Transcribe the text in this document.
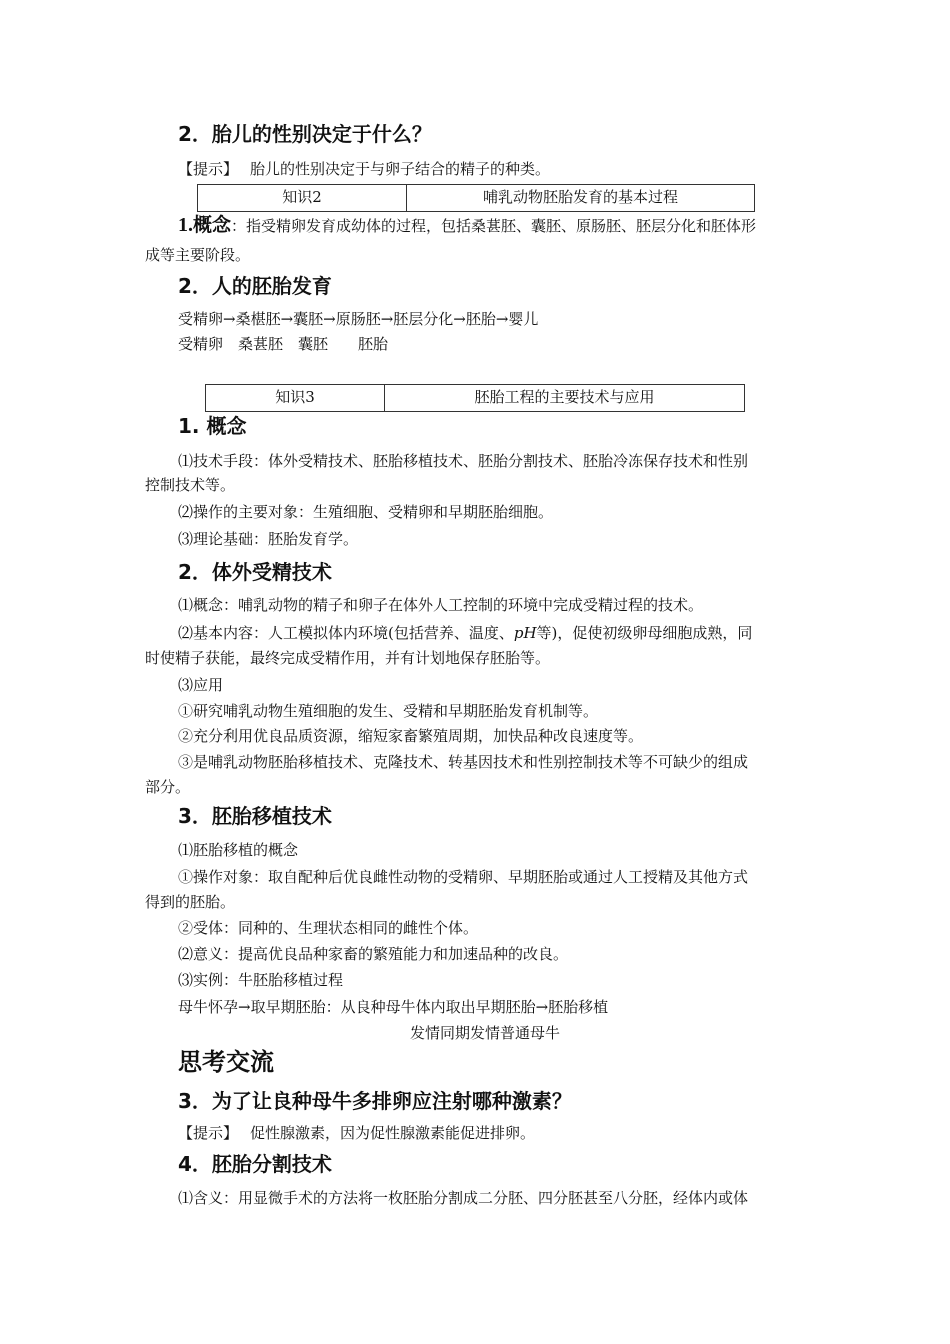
2．胎儿的性别决定于什么？
【提示】 胎儿的性别决定于与卵子结合的精子的种类。
知识2	哺乳动物胚胎发育的基本过程
1.概念：指受精卵发育成幼体的过程，包括桑葚胚、囊胚、原肠胚、胚层分化和胚体形
成等主要阶段。
2．人的胚胎发育
受精卵→桑椹胚→囊胚→原肠胚→胚层分化→胚胎→婴儿
受精卵　桑葚胚　囊胚　　胚胎
知识3	胚胎工程的主要技术与应用
1. 概念
⑴技术手段：体外受精技术、胚胎移植技术、胚胎分割技术、胚胎冷冻保存技术和性别
控制技术等。
⑵操作的主要对象：生殖细胞、受精卵和早期胚胎细胞。
⑶理论基础：胚胎发育学。
2．体外受精技术
⑴概念：哺乳动物的精子和卵子在体外人工控制的环境中完成受精过程的技术。
⑵基本内容：人工模拟体内环境(包括营养、温度、pH等)，促使初级卵母细胞成熟，同
时使精子获能，最终完成受精作用，并有计划地保存胚胎等。
⑶应用
①研究哺乳动物生殖细胞的发生、受精和早期胚胎发育机制等。
②充分利用优良品质资源，缩短家畜繁殖周期，加快品种改良速度等。
③是哺乳动物胚胎移植技术、克隆技术、转基因技术和性别控制技术等不可缺少的组成
部分。
3．胚胎移植技术
⑴胚胎移植的概念
①操作对象：取自配种后优良雌性动物的受精卵、早期胚胎或通过人工授精及其他方式
得到的胚胎。
②受体：同种的、生理状态相同的雌性个体。
⑵意义：提高优良品种家畜的繁殖能力和加速品种的改良。
⑶实例：牛胚胎移植过程
母牛怀孕→取早期胚胎：从良种母牛体内取出早期胚胎→胚胎移植
发情同期发情普通母牛
思考交流
3．为了让良种母牛多排卵应注射哪种激素？
【提示】 促性腺激素，因为促性腺激素能促进排卵。
4．胚胎分割技术
⑴含义：用显微手术的方法将一枚胚胎分割成二分胚、四分胚甚至八分胚，经体内或体
